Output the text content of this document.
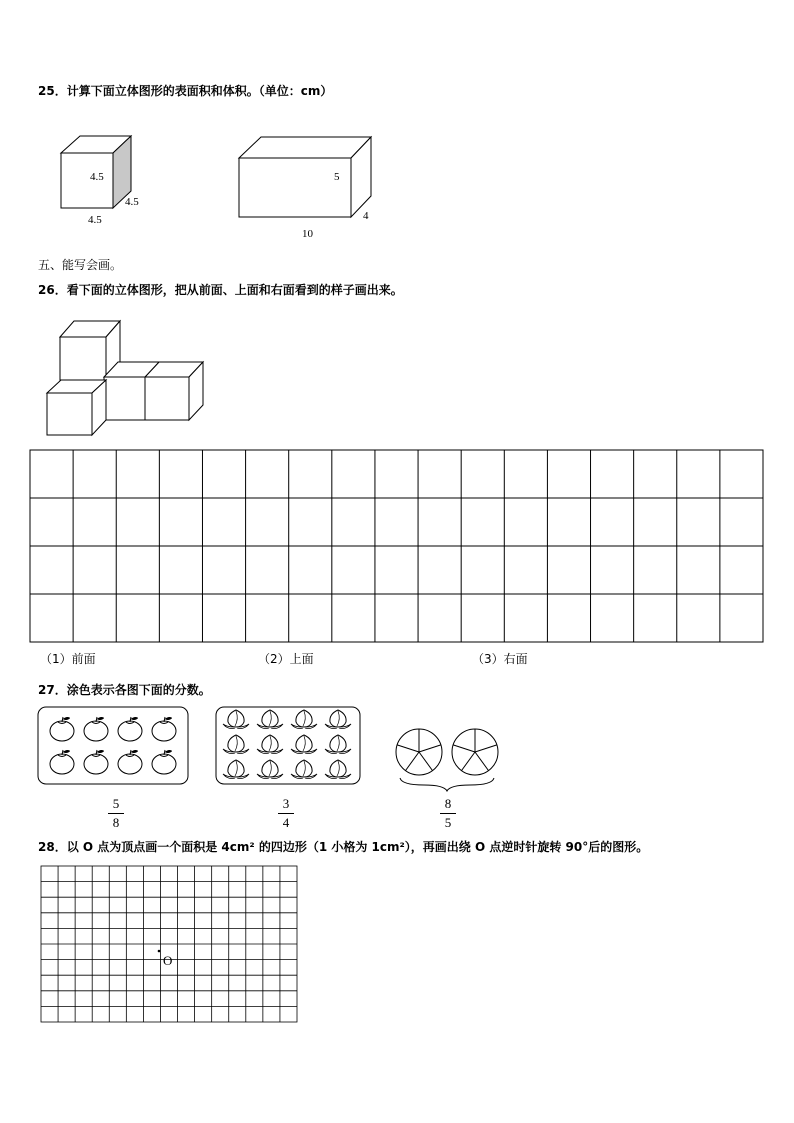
25．计算下面立体图形的表面积和体积。（单位：cm）
4.5
4.5
4.5
5
4
10
五、能写会画。
26．看下面的立体图形，把从前面、上面和右面看到的样子画出来。
（1）前面	（2）上面	（3）右面
27．涂色表示各图下面的分数。
5
8
3
4
8
5
28．以 O 点为顶点画一个面积是 4cm² 的四边形（1 小格为 1cm²），再画出绕 O 点逆时针旋转 90°后的图形。
O
